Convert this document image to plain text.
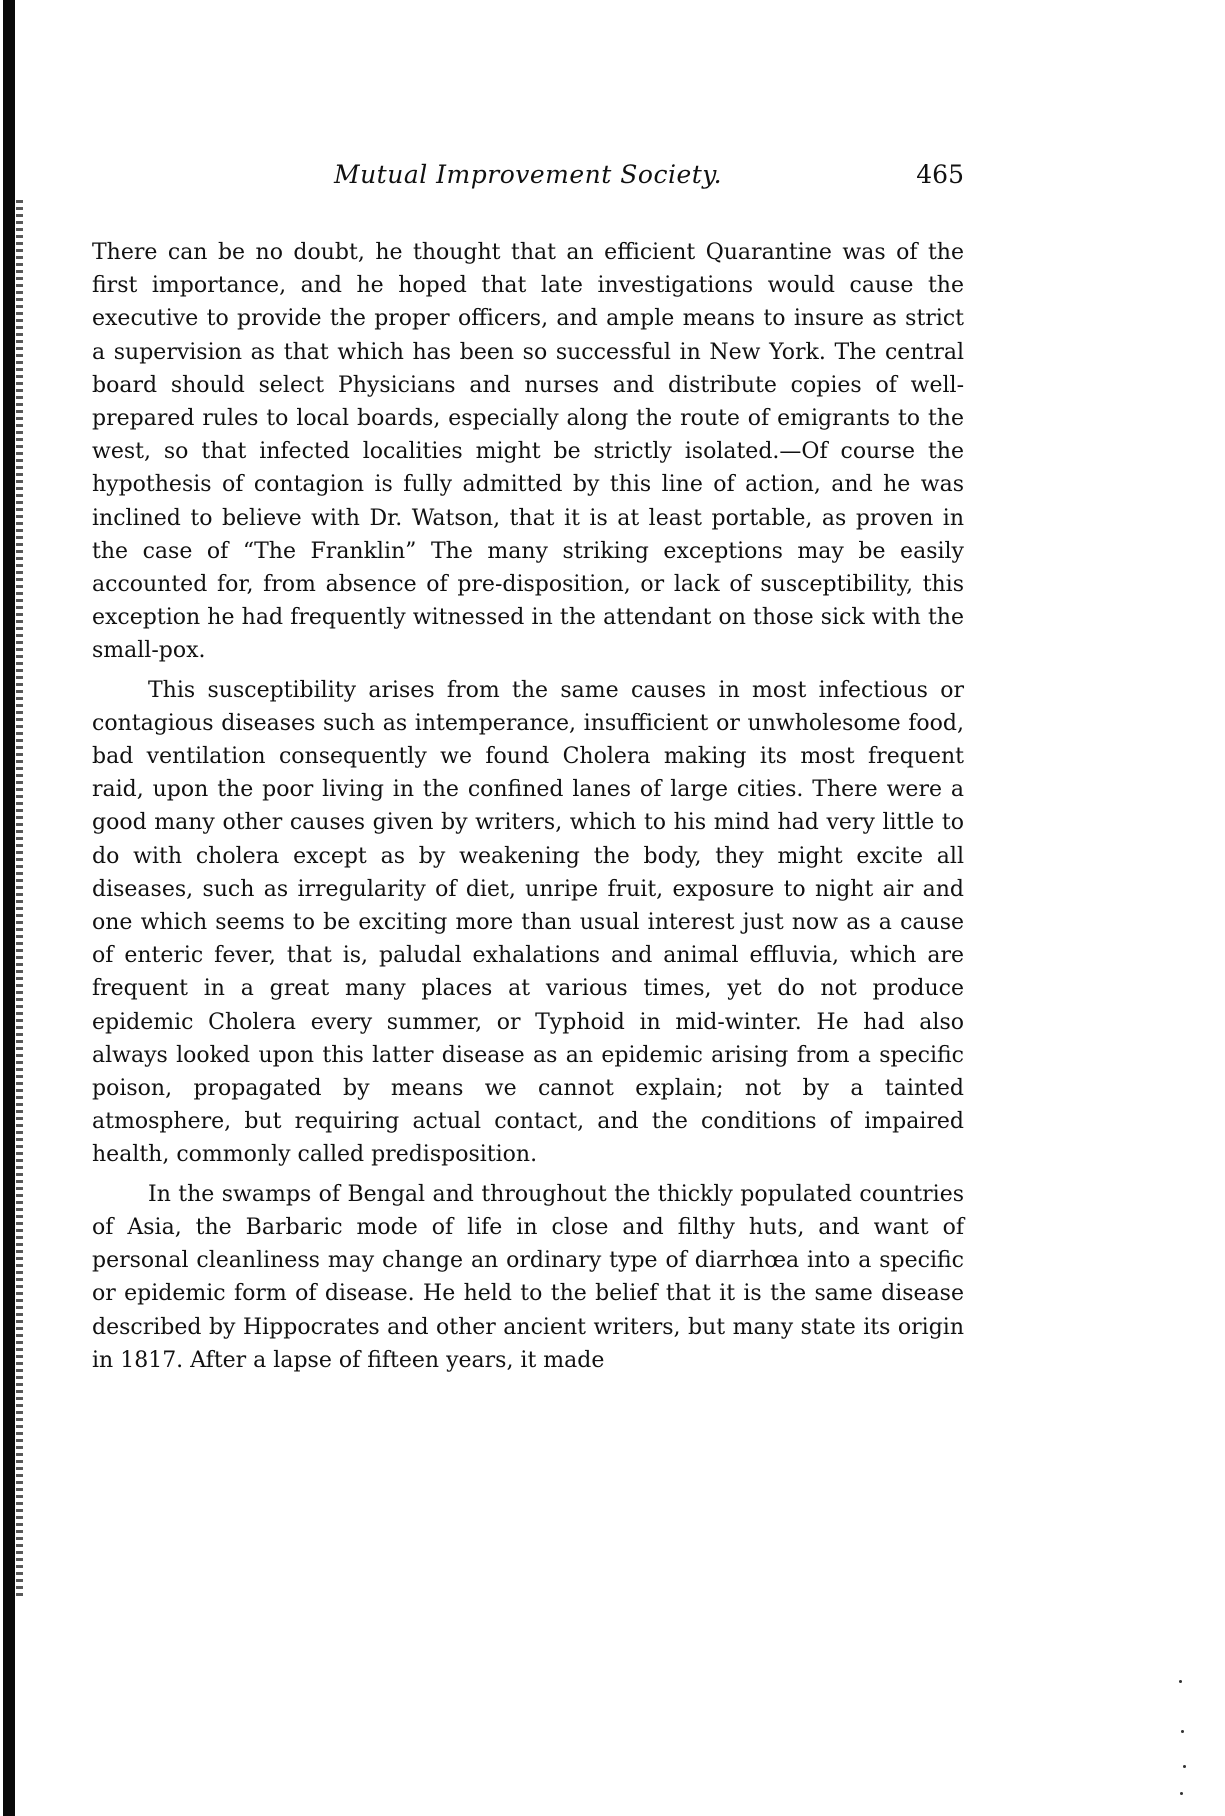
Mutual Improvement Society.	465

There can be no doubt, he thought that an efficient Quarantine was of the first importance, and he hoped that late investigations would cause the executive to provide the proper officers, and ample means to insure as strict a supervision as that which has been so successful in New York. The central board should select Physicians and nurses and distribute copies of well-prepared rules to local boards, especially along the route of emigrants to the west, so that infected localities might be strictly isolated.—Of course the hypothesis of contagion is fully admitted by this line of action, and he was inclined to believe with Dr. Watson, that it is at least portable, as proven in the case of “The Franklin” The many striking exceptions may be easily accounted for, from absence of pre-disposition, or lack of susceptibility, this exception he had frequently witnessed in the attendant on those sick with the small-pox.

This susceptibility arises from the same causes in most infectious or contagious diseases such as intemperance, insufficient or unwholesome food, bad ventilation consequently we found Cholera making its most frequent raid, upon the poor living in the confined lanes of large cities. There were a good many other causes given by writers, which to his mind had very little to do with cholera except as by weakening the body, they might excite all diseases, such as irregularity of diet, unripe fruit, exposure to night air and one which seems to be exciting more than usual interest just now as a cause of enteric fever, that is, paludal exhalations and animal effluvia, which are frequent in a great many places at various times, yet do not produce epidemic Cholera every summer, or Typhoid in mid-winter. He had also always looked upon this latter disease as an epidemic arising from a specific poison, propagated by means we cannot explain; not by a tainted atmosphere, but requiring actual contact, and the conditions of impaired health, commonly called predisposition.

In the swamps of Bengal and throughout the thickly populated countries of Asia, the Barbaric mode of life in close and filthy huts, and want of personal cleanliness may change an ordinary type of diarrhœa into a specific or epidemic form of disease. He held to the belief that it is the same disease described by Hippocrates and other ancient writers, but many state its origin in 1817. After a lapse of fifteen years, it made
